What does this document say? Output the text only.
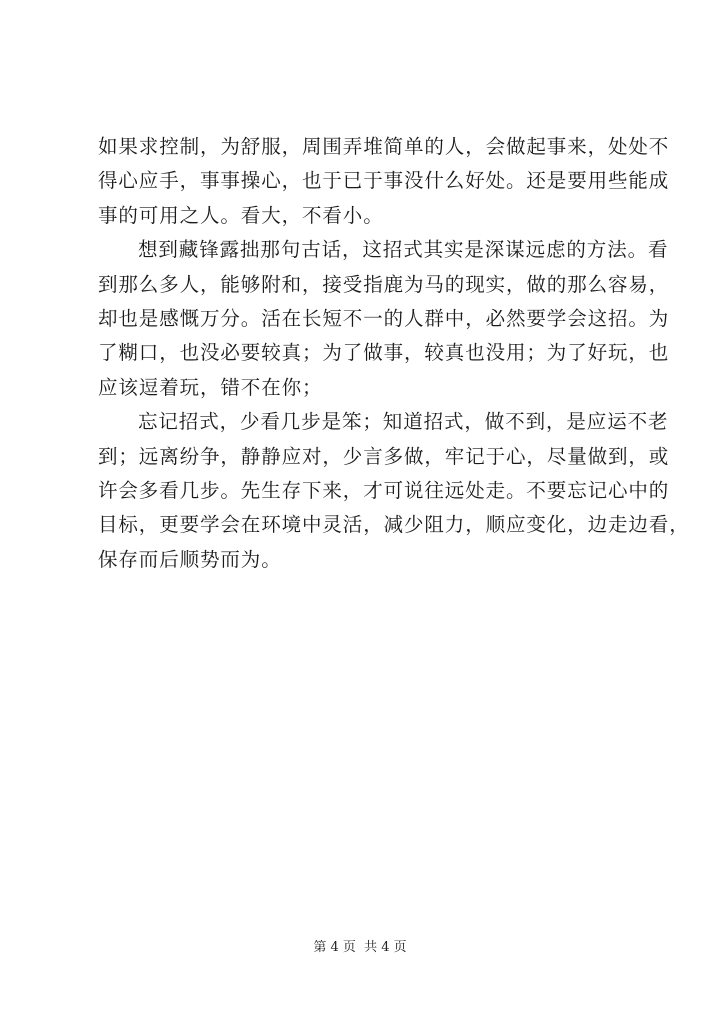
如果求控制，为舒服，周围弄堆简单的人，会做起事来，处处不
得心应手，事事操心，也于已于事没什么好处。还是要用些能成
事的可用之人。看大，不看小。
想到藏锋露拙那句古话，这招式其实是深谋远虑的方法。看
到那么多人，能够附和，接受指鹿为马的现实，做的那么容易，
却也是感慨万分。活在长短不一的人群中，必然要学会这招。为
了糊口，也没必要较真；为了做事，较真也没用；为了好玩，也
应该逗着玩，错不在你；
忘记招式，少看几步是笨；知道招式，做不到，是应运不老
到；远离纷争，静静应对，少言多做，牢记于心，尽量做到，或
许会多看几步。先生存下来，才可说往远处走。不要忘记心中的
目标，更要学会在环境中灵活，减少阻力，顺应变化，边走边看，
保存而后顺势而为。
第 4 页 共 4 页
